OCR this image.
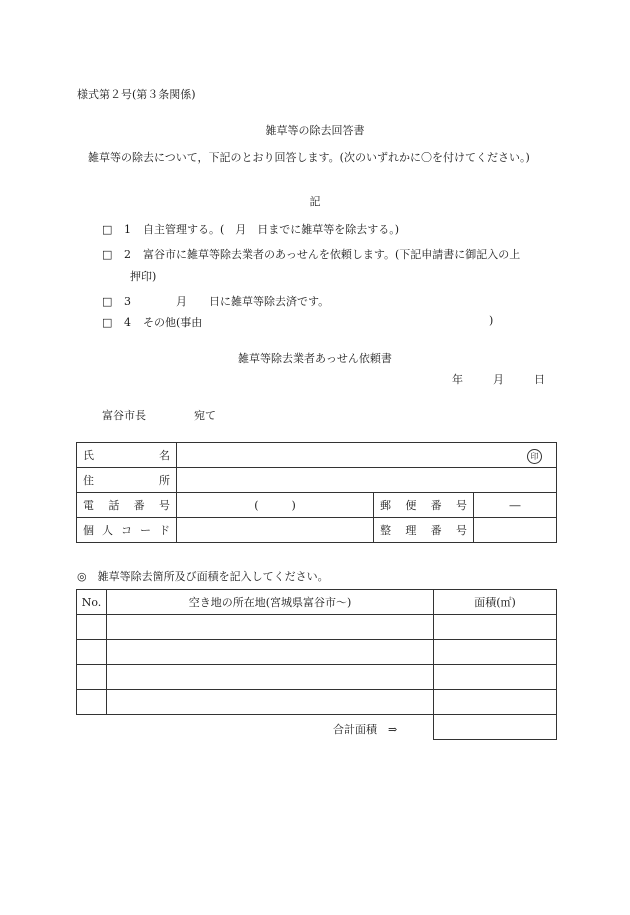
様式第２号(第３条関係)
雑草等の除去回答書
雑草等の除去について，下記のとおり回答します。(次のいずれかに〇を付けてください。)
記
□ 1 自主管理する。(　月　日までに雑草等を除去する。)
□ 2 富谷市に雑草等除去業者のあっせんを依頼します。(下記申請書に御記入の上
押印)
□ 3　　　月　　日に雑草等除去済です。
□ 4 その他(事由	)
雑草等除去業者あっせん依頼書
年	月	日
富谷市長	宛て
氏　名	印		

住　所			
電話番号	(　　　)	郵便番号	―
個人コード		整理番号	
◎　雑草等除去箇所及び面積を記入してください。
No.	空き地の所在地(宮城県富谷市～)	面積(㎡)

合計面積　⇒
